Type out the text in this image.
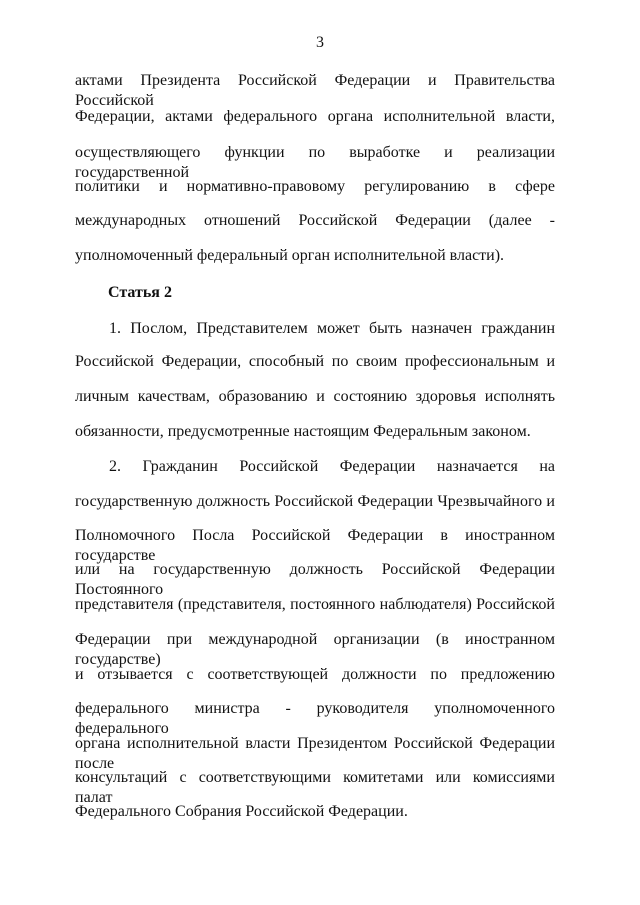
3
актами Президента Российской Федерации и Правительства Российской
Федерации, актами федерального органа исполнительной власти,
осуществляющего функции по выработке и реализации государственной
политики и нормативно-правовому регулированию в сфере
международных отношений Российской Федерации (далее -
уполномоченный федеральный орган исполнительной власти).
Статья 2
1. Послом, Представителем может быть назначен гражданин
Российской Федерации, способный по своим профессиональным и
личным качествам, образованию и состоянию здоровья исполнять
обязанности, предусмотренные настоящим Федеральным законом.
2. Гражданин Российской Федерации назначается на
государственную должность Российской Федерации Чрезвычайного и
Полномочного Посла Российской Федерации в иностранном государстве
или на государственную должность Российской Федерации Постоянного
представителя (представителя, постоянного наблюдателя) Российской
Федерации при международной организации (в иностранном государстве)
и отзывается с соответствующей должности по предложению
федерального министра - руководителя уполномоченного федерального
органа исполнительной власти Президентом Российской Федерации после
консультаций с соответствующими комитетами или комиссиями палат
Федерального Собрания Российской Федерации.
